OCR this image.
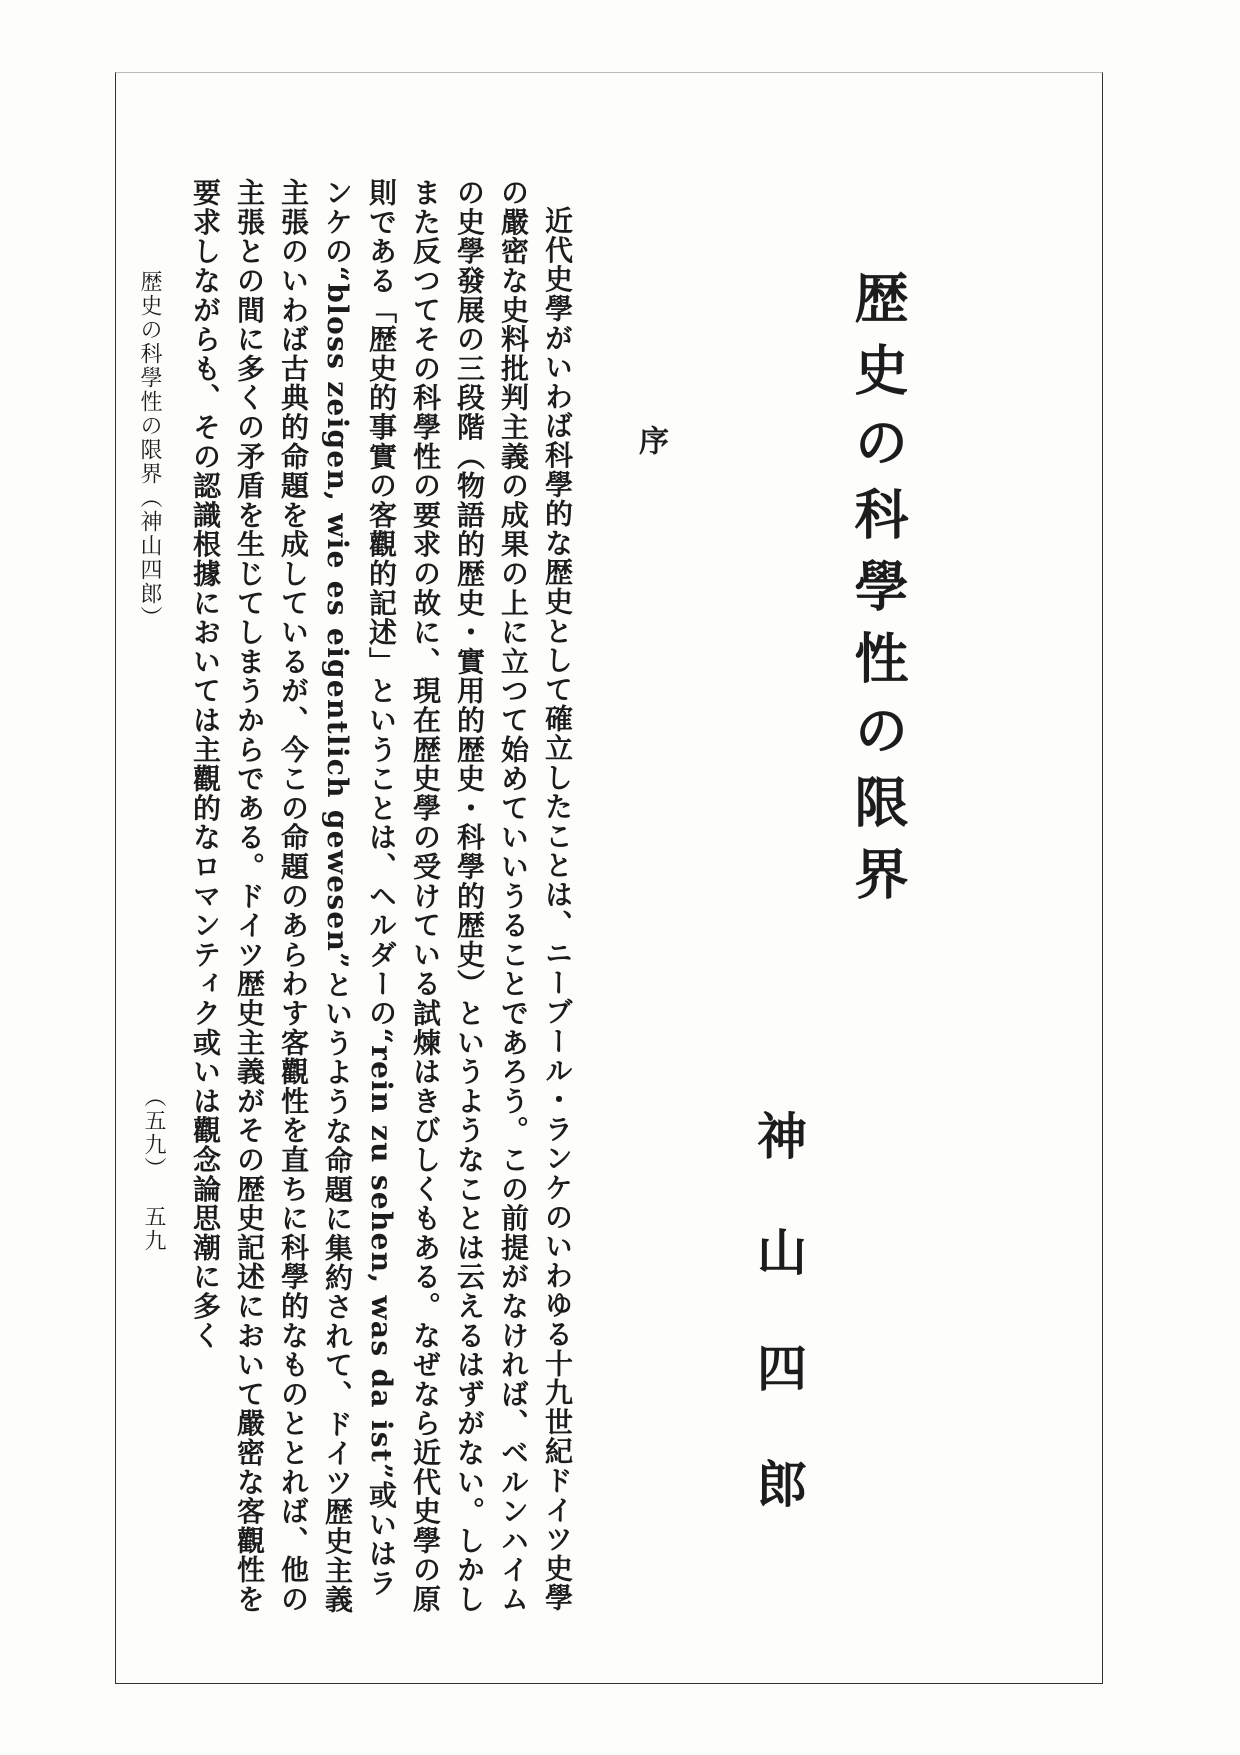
歴史の科學性の限界
神山四郎
序

近代史學がいわば科學的な歴史として確立したことは、ニーブール・ランケのいわゆる十九世紀ドイツ史學の嚴密な史料批判主義の成果の上に立つて始めていいうることであろう。この前提がなければ、ベルンハイムの史學發展の三段階（物語的歴史・實用的歴史・科學的歴史）というようなことは云えるはずがない。しかしまた反つてその科學性の要求の故に、現在歴史學の受けている試煉はきびしくもある。なぜなら近代史學の原則である「歴史的事實の客觀的記述」ということは、ヘルダーの“rein zu sehen, was da ist”或いはランケの“bloss zeigen, wie es eigentlich gewesen”というような命題に集約されて、ドイツ歴史主義主張のいわば古典的命題を成しているが、今この命題のあらわす客觀性を直ちに科學的なものととれば、他の主張との間に多くの矛盾を生じてしまうからである。ドイツ歴史主義がその歴史記述において嚴密な客觀性を要求しながらも、その認識根據においては主觀的なロマンティク或いは觀念論思潮に多く

歴史の科學性の限界（神山四郎）
（五九）
五九
